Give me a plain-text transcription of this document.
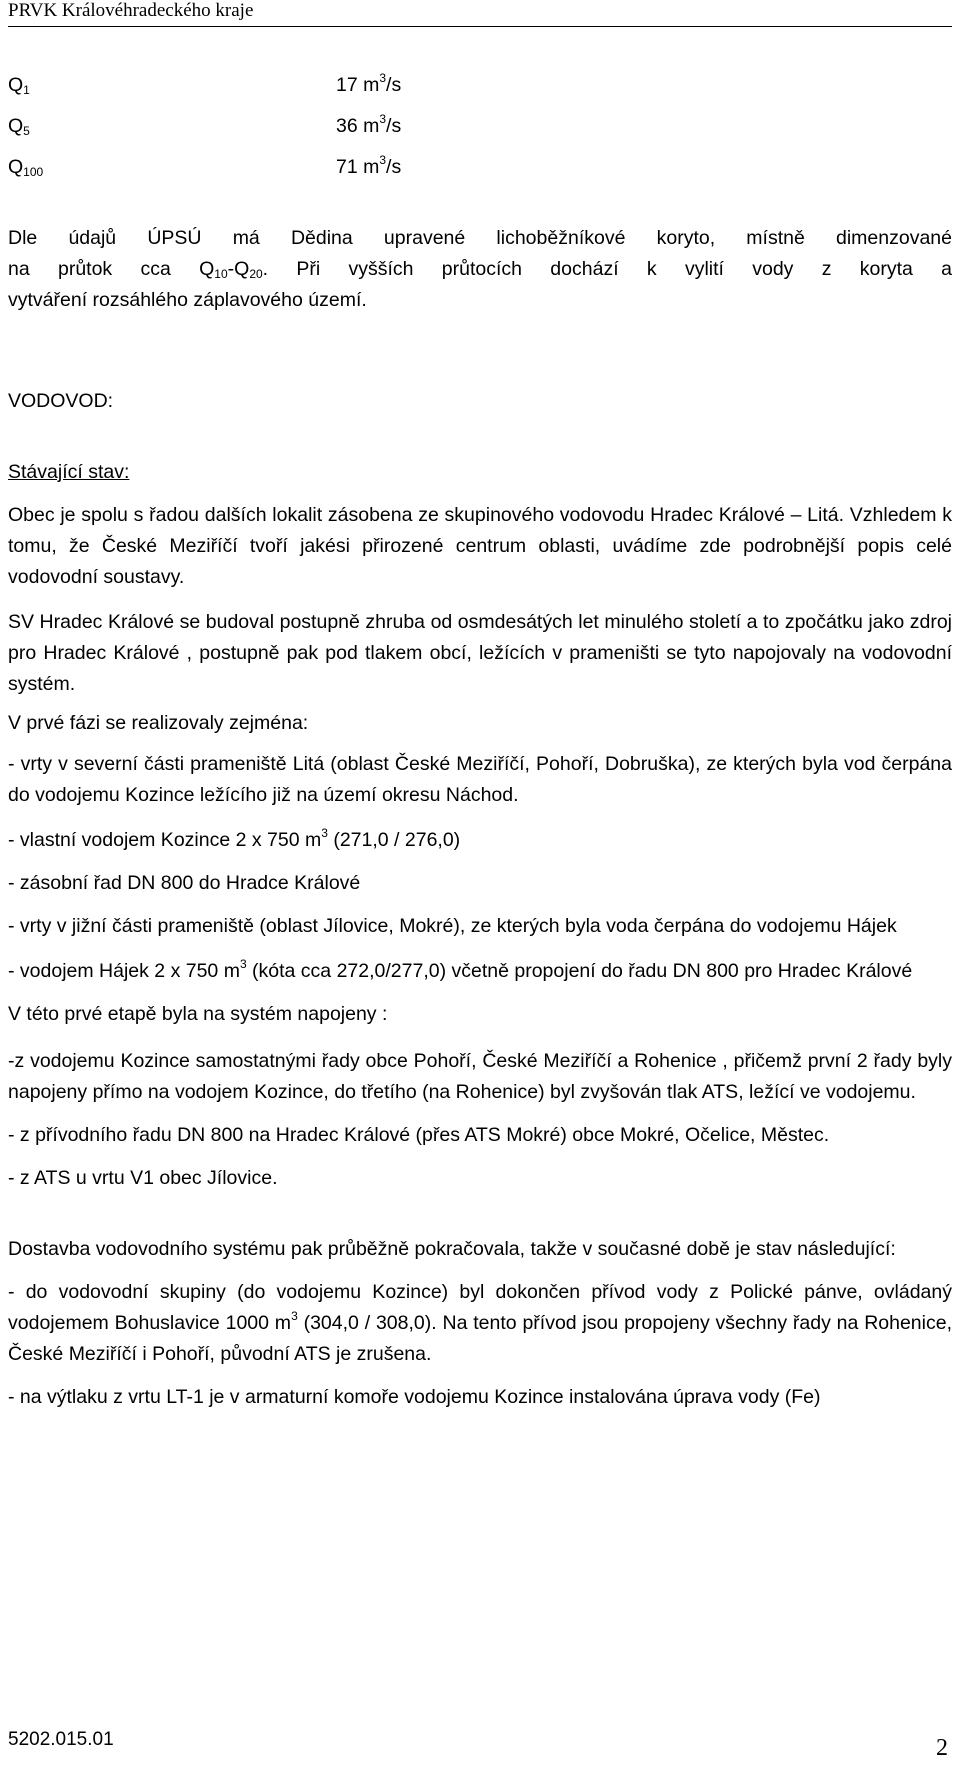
PRVK Královéhradeckého kraje
$Q_1$	17 $m^3/s$
$Q_5$	36 $m^3/s$
$Q_{100}$	71 $m^3/s$
Dle údajů ÚPSÚ má Dědina upravené lichoběžníkové koryto, místně dimenzované
na průtok cca $Q_{10}-Q_{20}$. Při vyšších průtocích dochází k vylití vody z koryta a
vytváření rozsáhlého záplavového území.
VODOVOD:
Stávající stav:

Obec je spolu s řadou dalších lokalit zásobena ze skupinového vodovodu Hradec Králové – Litá. Vzhledem k tomu, že České Meziříčí tvoří jakési přirozené centrum oblasti, uvádíme zde podrobnější popis celé vodovodní soustavy.

SV Hradec Králové se budoval postupně zhruba od osmdesátých let minulého století a to zpočátku jako zdroj pro Hradec Králové , postupně pak pod tlakem obcí, ležících v prameništi se tyto napojovaly na vodovodní systém.

V prvé fázi se realizovaly zejména:

- vrty v severní části prameniště Litá (oblast České Meziříčí, Pohoří, Dobruška), ze kterých byla vod čerpána do vodojemu Kozince ležícího již na území okresu Náchod.

- vlastní vodojem Kozince 2 x 750 $m^3$ (271,0 / 276,0)

- zásobní řad DN 800 do Hradce Králové

- vrty v jižní části prameniště (oblast Jílovice, Mokré), ze kterých byla voda čerpána do vodojemu Hájek

- vodojem Hájek 2 x 750 $m^3$ (kóta cca 272,0/277,0) včetně propojení do řadu DN 800 pro Hradec Králové

V této prvé etapě byla na systém napojeny :

-z vodojemu Kozince samostatnými řady obce Pohoří, České Meziříčí a Rohenice , přičemž první 2 řady byly napojeny přímo na vodojem Kozince, do třetího (na Rohenice) byl zvyšován tlak ATS, ležící ve vodojemu.

- z přívodního řadu DN 800 na Hradec Králové (přes ATS Mokré) obce Mokré, Očelice, Městec.

- z ATS u vrtu V1 obec Jílovice.

Dostavba vodovodního systému pak průběžně pokračovala, takže v současné době je stav následující:

- do vodovodní skupiny (do vodojemu Kozince) byl dokončen přívod vody z Polické pánve, ovládaný vodojemem Bohuslavice 1000 $m^3$ (304,0 / 308,0). Na tento přívod jsou propojeny všechny řady na Rohenice, České Meziříčí i Pohoří, původní ATS je zrušena.

- na výtlaku z vrtu LT-1 je v armaturní komoře vodojemu Kozince instalována úprava vody (Fe)

5202.015.01	2
